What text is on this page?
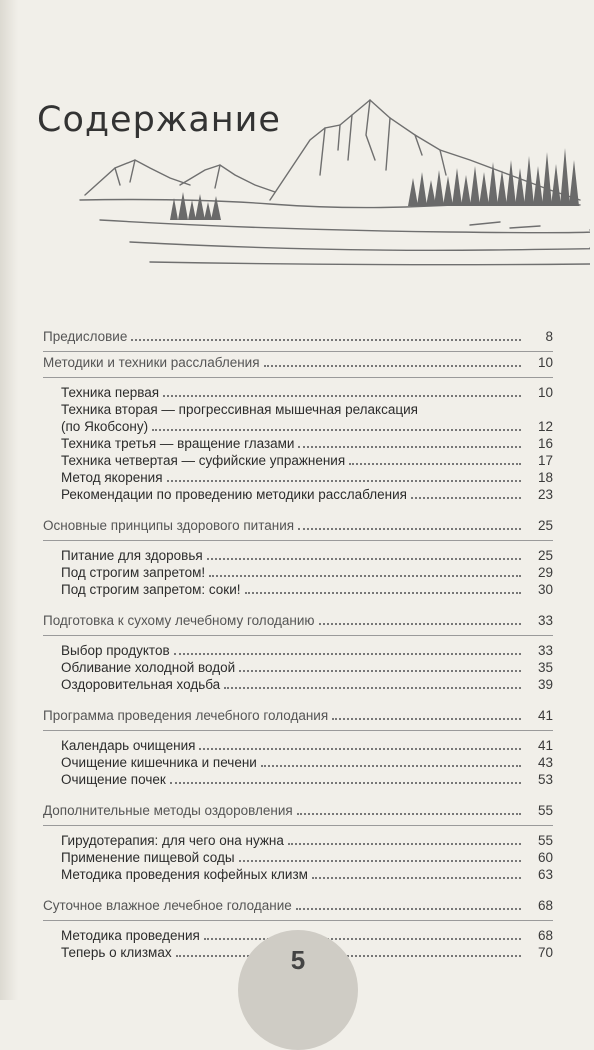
Содержание
Предисловие	8
Методики и техники расслабления	10
Техника первая	10
Техника вторая — прогрессивная мышечная релаксация
(по Якобсону)	12
Техника третья — вращение глазами	16
Техника четвертая — суфийские упражнения	17
Метод якорения	18
Рекомендации по проведению методики расслабления	23
Основные принципы здорового питания	25
Питание для здоровья	25
Под строгим запретом!	29
Под строгим запретом: соки!	30
Подготовка к сухому лечебному голоданию	33
Выбор продуктов	33
Обливание холодной водой	35
Оздоровительная ходьба	39
Программа проведения лечебного голодания	41
Календарь очищения	41
Очищение кишечника и печени	43
Очищение почек	53
Дополнительные методы оздоровления	55
Гирудотерапия: для чего она нужна	55
Применение пищевой соды	60
Методика проведения кофейных клизм	63
Суточное влажное лечебное голодание	68
Методика проведения	68
Теперь о клизмах	70
5
